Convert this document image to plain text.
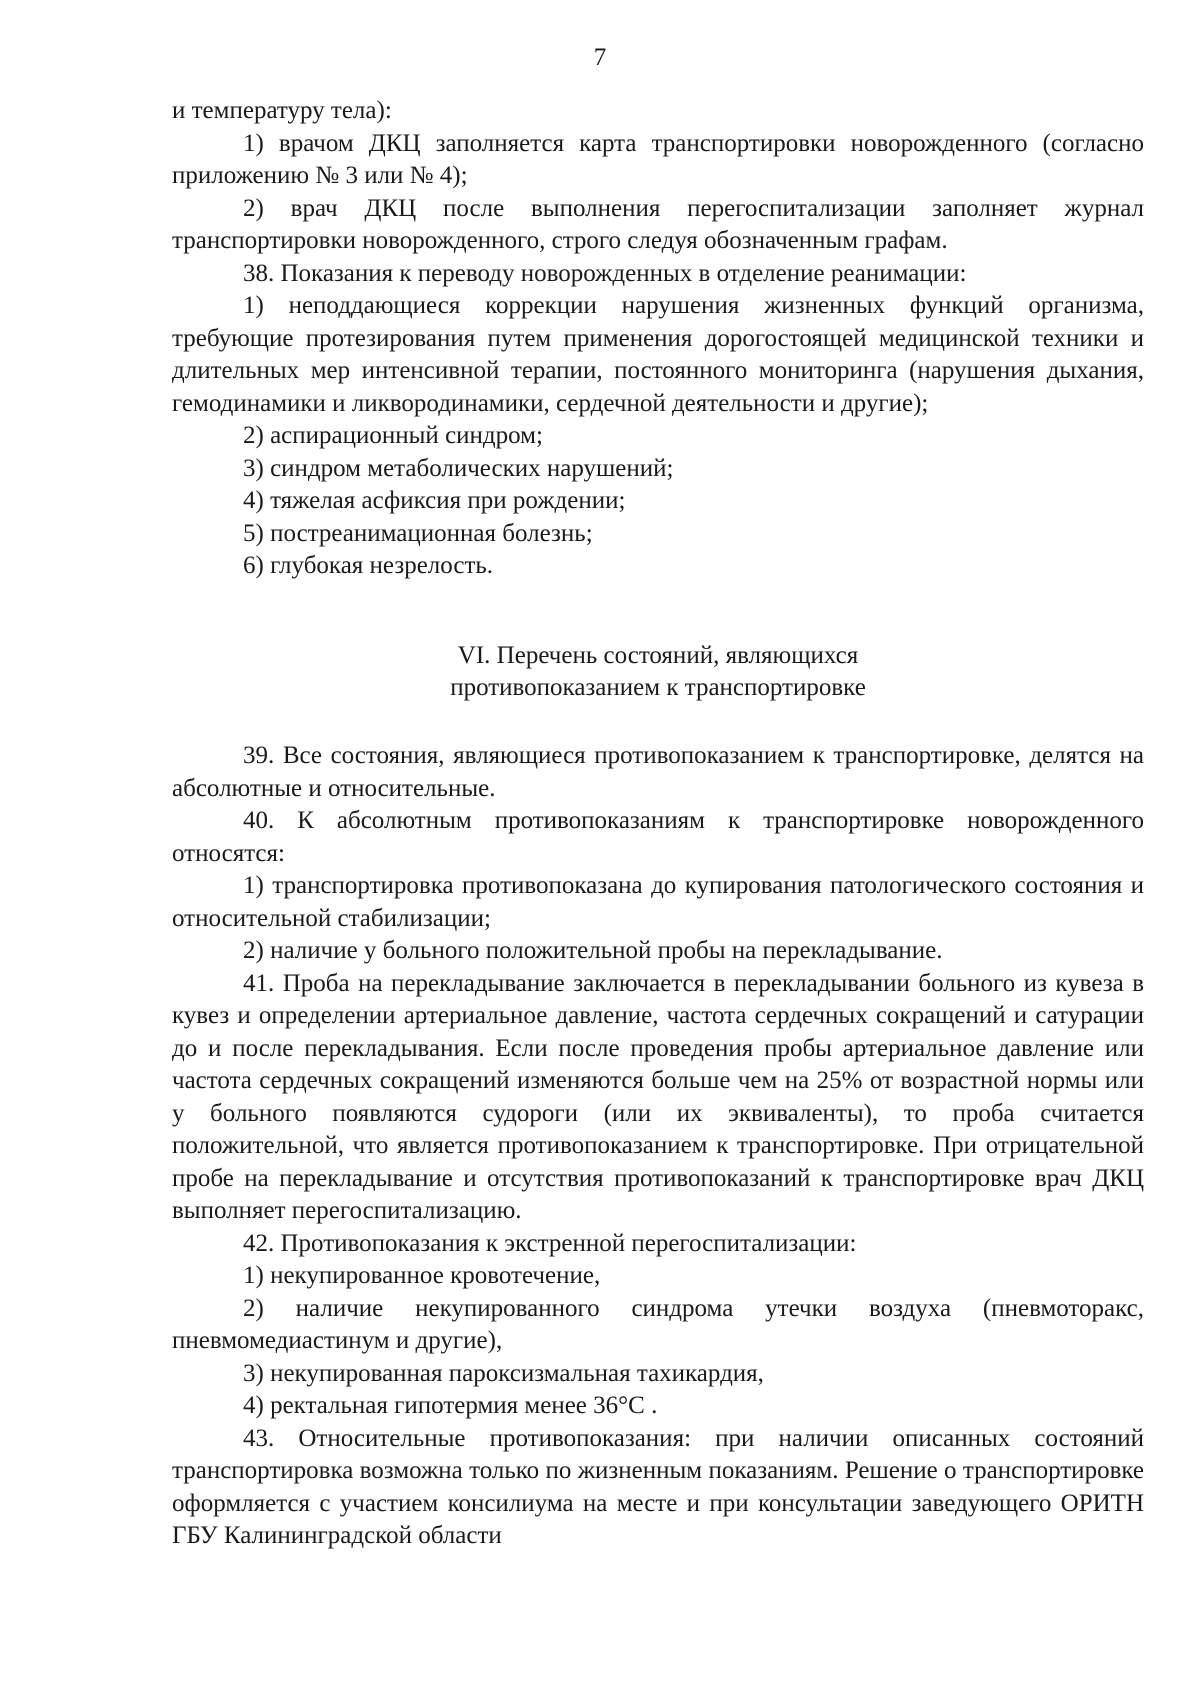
7

и температуру тела):

1) врачом ДКЦ заполняется карта транспортировки новорожденного (согласно приложению № 3 или № 4);

2) врач ДКЦ после выполнения перегоспитализации заполняет журнал транспортировки новорожденного, строго следуя обозначенным графам.

38. Показания к переводу новорожденных в отделение реанимации:

1) неподдающиеся коррекции нарушения жизненных функций организма, требующие протезирования путем применения дорогостоящей медицинской техники и длительных мер интенсивной терапии, постоянного мониторинга (нарушения дыхания, гемодинамики и ликвородинамики, сердечной деятельности и другие);

2) аспирационный синдром;

3) синдром метаболических нарушений;

4) тяжелая асфиксия при рождении;

5) постреанимационная болезнь;

6) глубокая незрелость.

VI. Перечень состояний, являющихся
противопоказанием к транспортировке

39. Все состояния, являющиеся противопоказанием к транспортировке, делятся на абсолютные и относительные.

40. К абсолютным противопоказаниям к транспортировке новорожденного относятся:

1) транспортировка противопоказана до купирования патологического состояния и относительной стабилизации;

2) наличие у больного положительной пробы на перекладывание.

41. Проба на перекладывание заключается в перекладывании больного из кувеза в кувез и определении артериальное давление, частота сердечных сокращений и сатурации до и после перекладывания. Если после проведения пробы артериальное давление или частота сердечных сокращений изменяются больше чем на 25% от возрастной нормы или у больного появляются судороги (или их эквиваленты), то проба считается положительной, что является противопоказанием к транспортировке. При отрицательной пробе на перекладывание и отсутствия противопоказаний к транспортировке врач ДКЦ выполняет перегоспитализацию.

42. Противопоказания к экстренной перегоспитализации:

1) некупированное кровотечение,

2) наличие некупированного синдрома утечки воздуха (пневмоторакс, пневмомедиастинум и другие),

3) некупированная пароксизмальная тахикардия,

4) ректальная гипотермия менее 36°С .

43. Относительные противопоказания: при наличии описанных состояний транспортировка возможна только по жизненным показаниям. Решение о транспортировке оформляется с участием консилиума на месте и при консультации заведующего ОРИТН ГБУ Калининградской области
